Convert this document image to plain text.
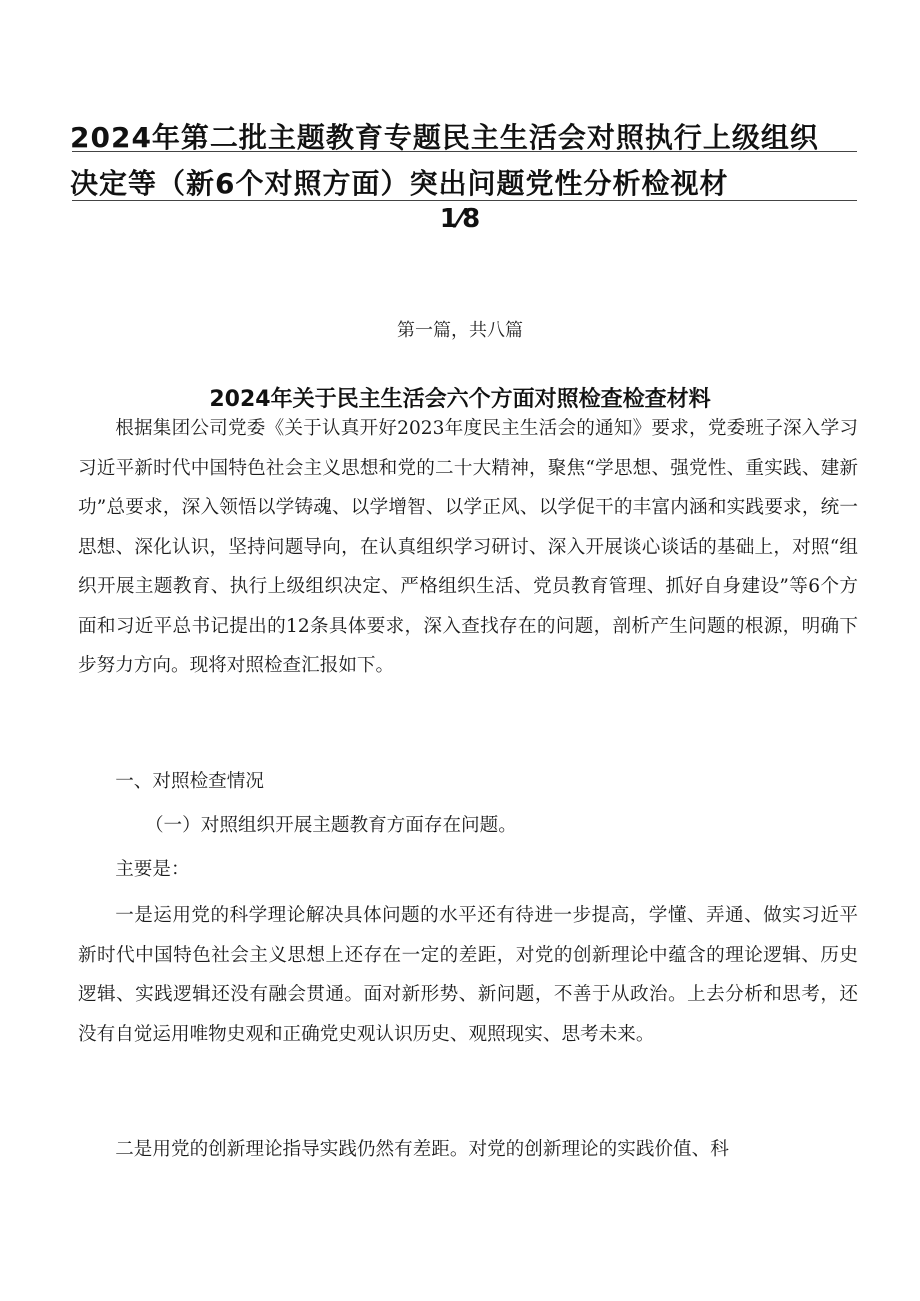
2024年第二批主题教育专题民主生活会对照执行上级组织
决定等（新6个对照方面）突出问题党性分析检视材
1⁄8
第一篇，共八篇
2024年关于民主生活会六个方面对照检查检查材料

根据集团公司党委《关于认真开好2023年度民主生活会的通知》要求，党委班子深入学习习近平新时代中国特色社会主义思想和党的二十大精神，聚焦“学思想、强党性、重实践、建新功”总要求，深入领悟以学铸魂、以学增智、以学正风、以学促干的丰富内涵和实践要求，统一思想、深化认识，坚持问题导向，在认真组织学习研讨、深入开展谈心谈话的基础上，对照“组织开展主题教育、执行上级组织决定、严格组织生活、党员教育管理、抓好自身建设”等6个方面和习近平总书记提出的12条具体要求，深入查找存在的问题，剖析产生问题的根源，明确下步努力方向。现将对照检查汇报如下。

一、对照检查情况

（一）对照组织开展主题教育方面存在问题。

主要是：

一是运用党的科学理论解决具体问题的水平还有待进一步提高，学懂、弄通、做实习近平新时代中国特色社会主义思想上还存在一定的差距，对党的创新理论中蕴含的理论逻辑、历史逻辑、实践逻辑还没有融会贯通。面对新形势、新问题，不善于从政治。上去分析和思考，还没有自觉运用唯物史观和正确党史观认识历史、观照现实、思考未来。

二是用党的创新理论指导实践仍然有差距。对党的创新理论的实践价值、科
